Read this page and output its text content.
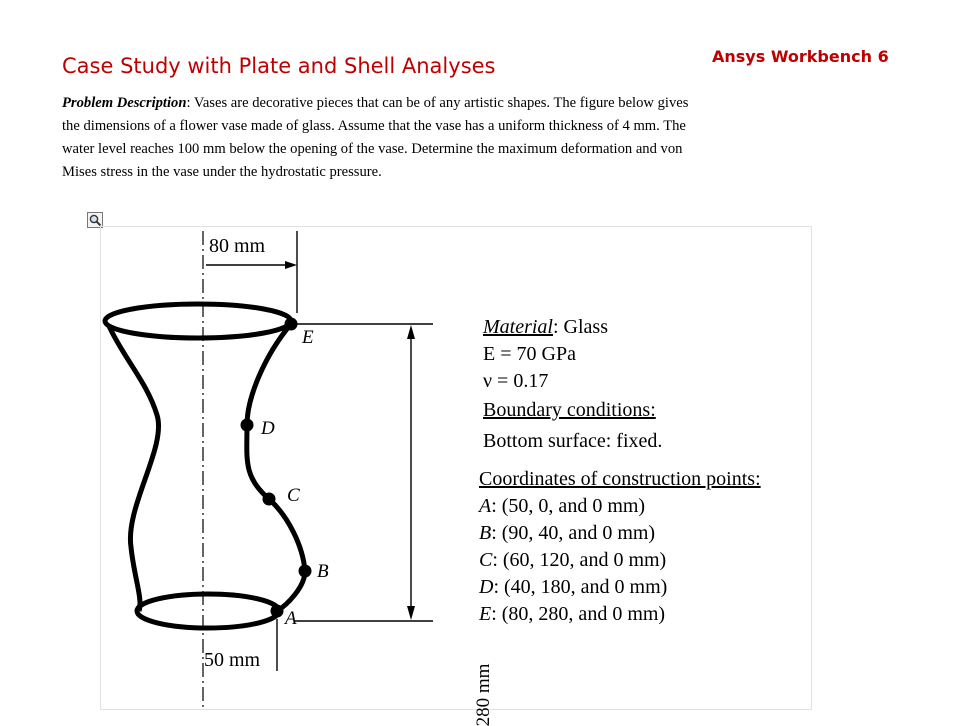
Case Study with Plate and Shell Analyses	Ansys Workbench 6
Problem Description: Vases are decorative pieces that can be of any artistic shapes. The figure below gives
the dimensions of a flower vase made of glass. Assume that the vase has a uniform thickness of 4 mm. The
water level reaches 100 mm below the opening of the vase. Determine the maximum deformation and von
Mises stress in the vase under the hydrostatic pressure.
80 mm
50 mm
280 mm
E
D
C
B
A
Material: Glass
E = 70 GPa
ν = 0.17
Boundary conditions:
Bottom surface: fixed.
Coordinates of construction points:
A: (50, 0, and 0 mm)
B: (90, 40, and 0 mm)
C: (60, 120, and 0 mm)
D: (40, 180, and 0 mm)
E: (80, 280, and 0 mm)
